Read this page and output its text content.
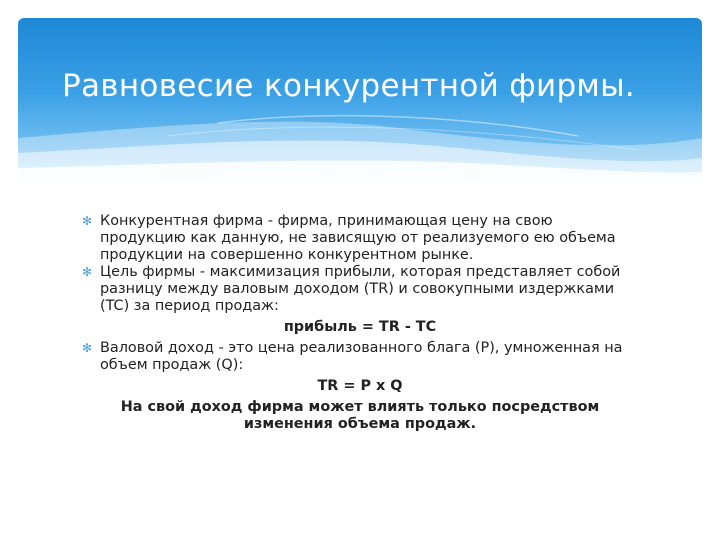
Равновесие конкурентной фирмы.

✻ Конкурентная фирма - фирма, принимающая цену на свою продукцию как данную, не зависящую от реализуемого ею объема продукции на совершенно конкурентном рынке.

✻ Цель фирмы - максимизация прибыли, которая представляет собой разницу между валовым доходом (TR) и совокупными издержками (TC) за период продаж:

прибыль = TR - TC

✻ Валовой доход - это цена реализованного блага (P), умноженная на объем продаж (Q):

TR = P x Q
На свой доход фирма может влиять только посредством изменения объема продаж.
